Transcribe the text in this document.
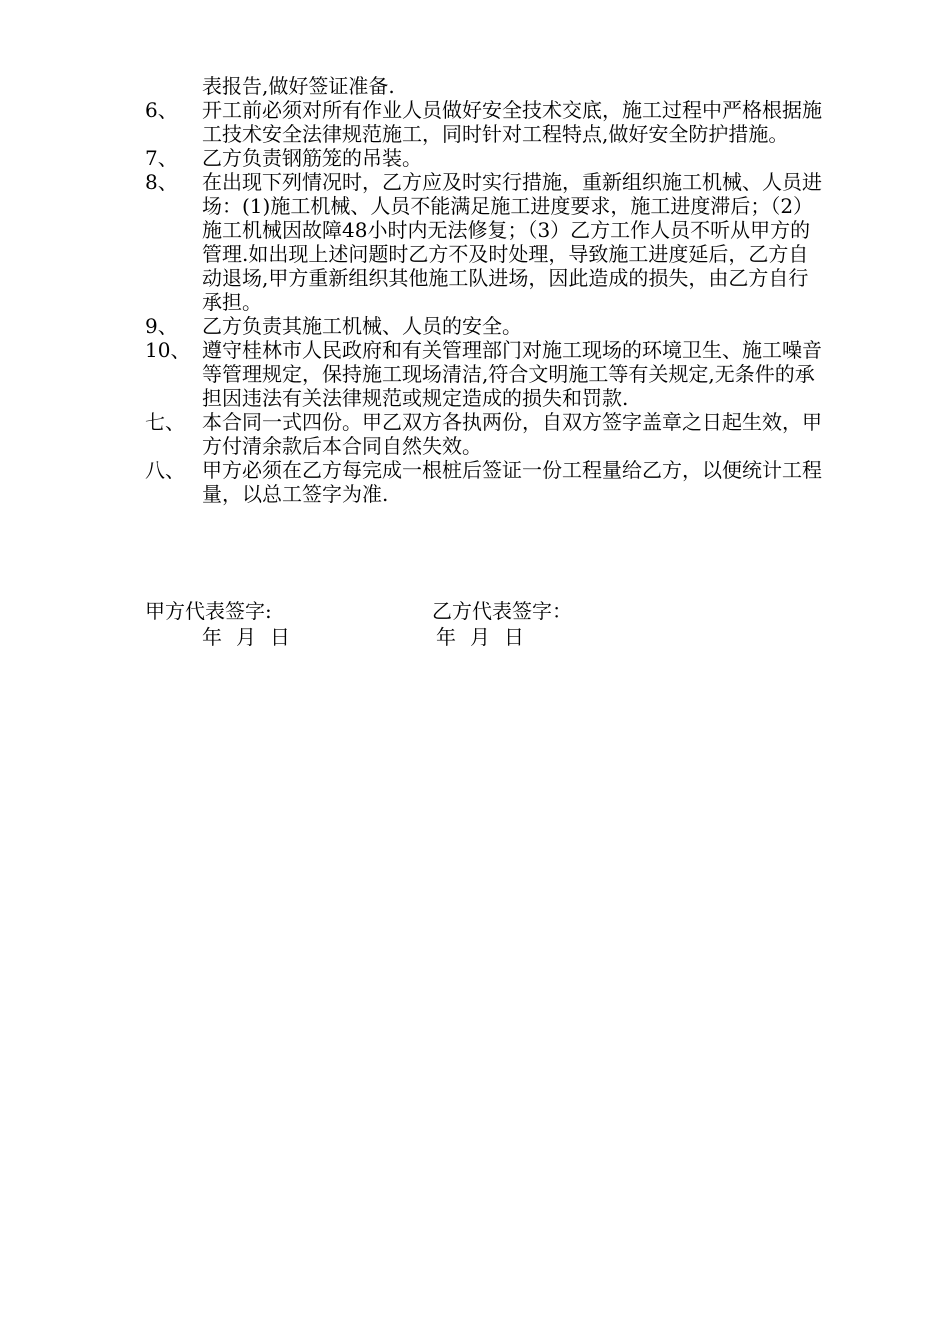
表报告,做好签证准备.
6、	开工前必须对所有作业人员做好安全技术交底，施工过程中严格根据施工技术安全法律规范施工，同时针对工程特点,做好安全防护措施。
7、	乙方负责钢筋笼的吊装。
8、	在出现下列情况时，乙方应及时实行措施，重新组织施工机械、人员进场：(1)施工机械、人员不能满足施工进度要求，施工进度滞后；（2）施工机械因故障48小时内无法修复；（3）乙方工作人员不听从甲方的管理.如出现上述问题时乙方不及时处理，导致施工进度延后，乙方自动退场,甲方重新组织其他施工队进场，因此造成的损失，由乙方自行承担。
9、	乙方负责其施工机械、人员的安全。
10、 遵守桂林市人民政府和有关管理部门对施工现场的环境卫生、施工噪音等管理规定，保持施工现场清洁,符合文明施工等有关规定,无条件的承担因违法有关法律规范或规定造成的损失和罚款.
七、 本合同一式四份。甲乙双方各执两份，自双方签字盖章之日起生效，甲方付清余款后本合同自然失效。
八、 甲方必须在乙方每完成一根桩后签证一份工程量给乙方，以便统计工程量，以总工签字为准.
甲方代表签字:	乙方代表签字：
年 月 日	年 月 日
